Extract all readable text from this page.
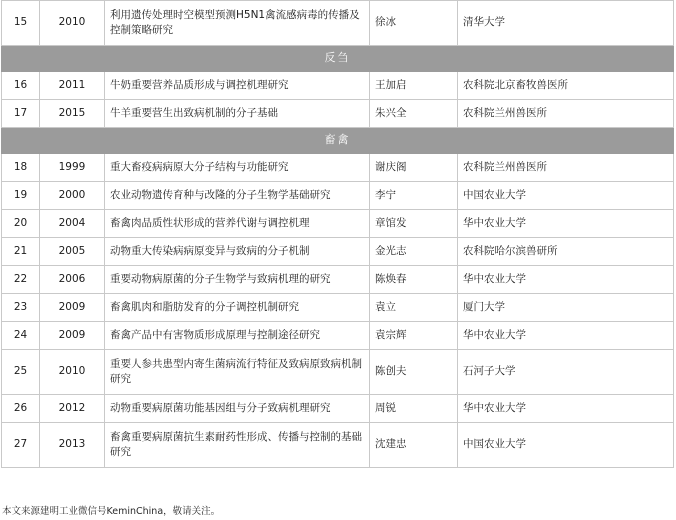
15	2010	利用遗传处理时空模型预测H5N1禽流感病毒的传播及控制策略研究	徐冰	清华大学
反刍				
16	2011	牛奶重要营养品质形成与调控机理研究	王加启	农科院北京畜牧兽医所
17	2015	牛羊重要营生出致病机制的分子基础	朱兴全	农科院兰州兽医所
畜禽				
18	1999	重大畜疫病病原大分子结构与功能研究	谢庆阁	农科院兰州兽医所
19	2000	农业动物遗传育种与改隆的分子生物学基础研究	李宁	中国农业大学
20	2004	畜禽肉品质性状形成的营养代谢与调控机理	章馆发	华中农业大学
21	2005	动物重大传染病病原变异与致病的分子机制	金光志	农科院哈尔滨兽研所
22	2006	重要动物病原菌的分子生物学与致病机理的研究	陈焕春	华中农业大学
23	2009	畜禽肌肉和脂肪发育的分子调控机制研究	袁立	厦门大学
24	2009	畜禽产品中有害物质形成原理与控制途径研究	袁宗辉	华中农业大学
25	2010	重要人参共患型内寄生菌病流行特征及致病原致病机制研究	陈创夫	石河子大学
26	2012	动物重要病原菌功能基因组与分子致病机理研究	周锐	华中农业大学
27	2013	畜禽重要病原菌抗生素耐药性形成、传播与控制的基础研究	沈建忠	中国农业大学
本文来源建明工业微信号KeminChina，敬请关注。
